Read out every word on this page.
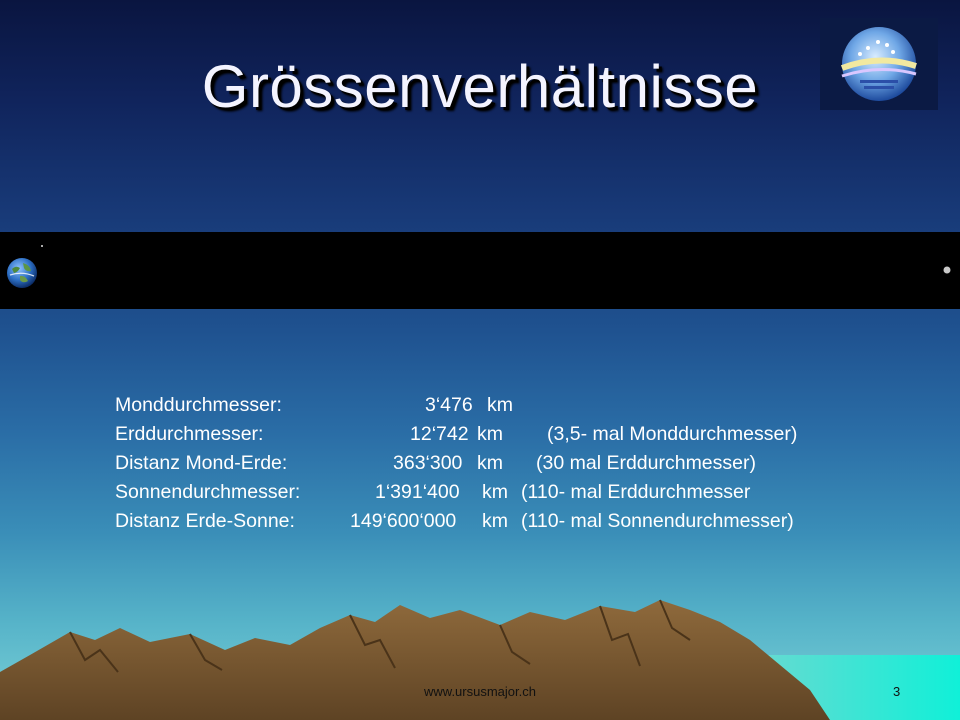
Grössenverhältnisse
Monddurchmesser:	3‘476 km
Erddurchmesser:	12‘742 km (3,5- mal Monddurchmesser)
Distanz Mond-Erde:	363‘300 km (30 mal Erddurchmesser)
Sonnendurchmesser:	1‘391‘400 km (110- mal Erddurchmesser
Distanz Erde-Sonne:	149‘600‘000 km (110- mal Sonnendurchmesser)
www.ursusmajor.ch	3
